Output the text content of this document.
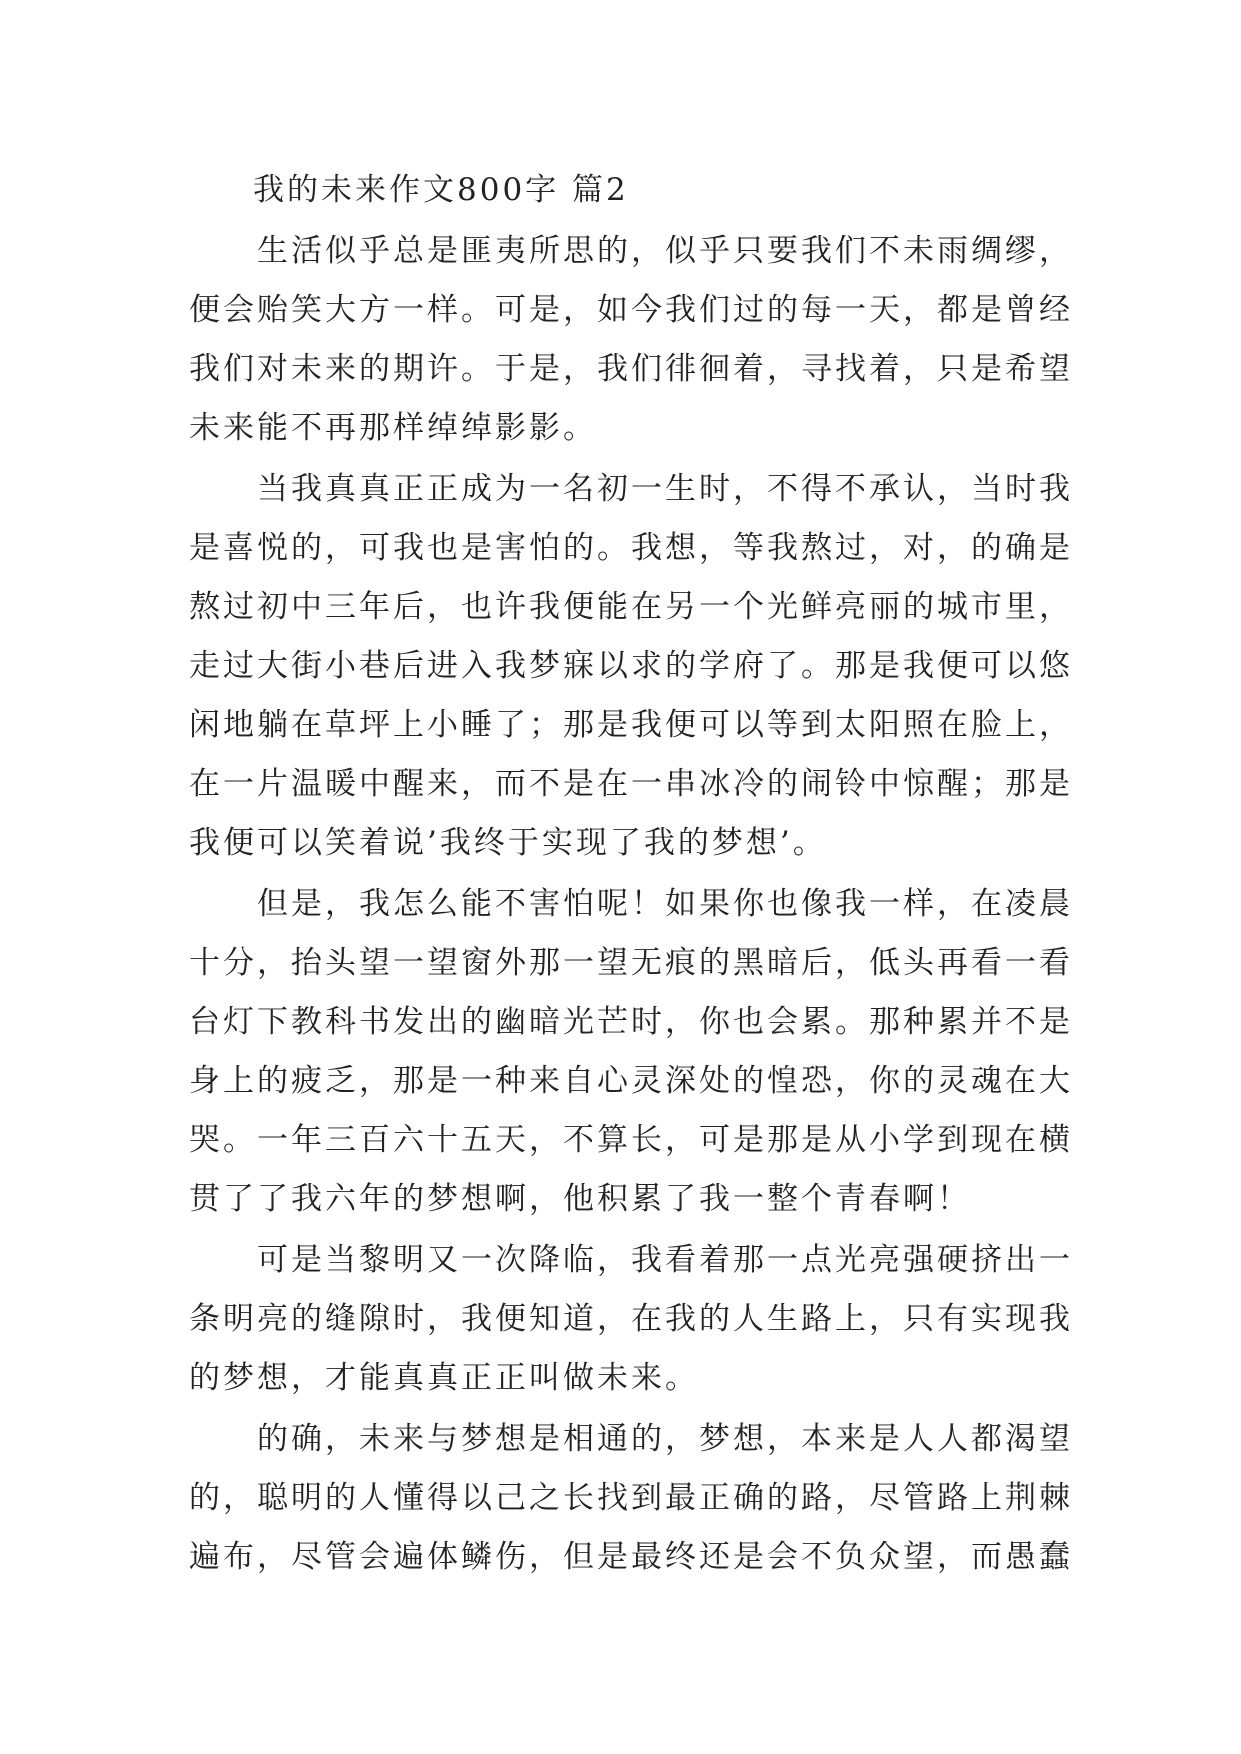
我的未来作文800字 篇2

生活似乎总是匪夷所思的，似乎只要我们不未雨绸缪，
便会贻笑大方一样。可是，如今我们过的每一天，都是曾经
我们对未来的期许。于是，我们徘徊着，寻找着，只是希望
未来能不再那样绰绰影影。

当我真真正正成为一名初一生时，不得不承认，当时我
是喜悦的，可我也是害怕的。我想，等我熬过，对，的确是
熬过初中三年后，也许我便能在另一个光鲜亮丽的城市里，
走过大街小巷后进入我梦寐以求的学府了。那是我便可以悠
闲地躺在草坪上小睡了；那是我便可以等到太阳照在脸上，
在一片温暖中醒来，而不是在一串冰冷的闹铃中惊醒；那是
我便可以笑着说’我终于实现了我的梦想’。

但是，我怎么能不害怕呢！如果你也像我一样，在凌晨
十分，抬头望一望窗外那一望无痕的黑暗后，低头再看一看
台灯下教科书发出的幽暗光芒时，你也会累。那种累并不是
身上的疲乏，那是一种来自心灵深处的惶恐，你的灵魂在大
哭。一年三百六十五天，不算长，可是那是从小学到现在横
贯了了我六年的梦想啊，他积累了我一整个青春啊！

可是当黎明又一次降临，我看着那一点光亮强硬挤出一
条明亮的缝隙时，我便知道，在我的人生路上，只有实现我
的梦想，才能真真正正叫做未来。

的确，未来与梦想是相通的，梦想，本来是人人都渴望
的，聪明的人懂得以己之长找到最正确的路，尽管路上荆棘
遍布，尽管会遍体鳞伤，但是最终还是会不负众望，而愚蠢
